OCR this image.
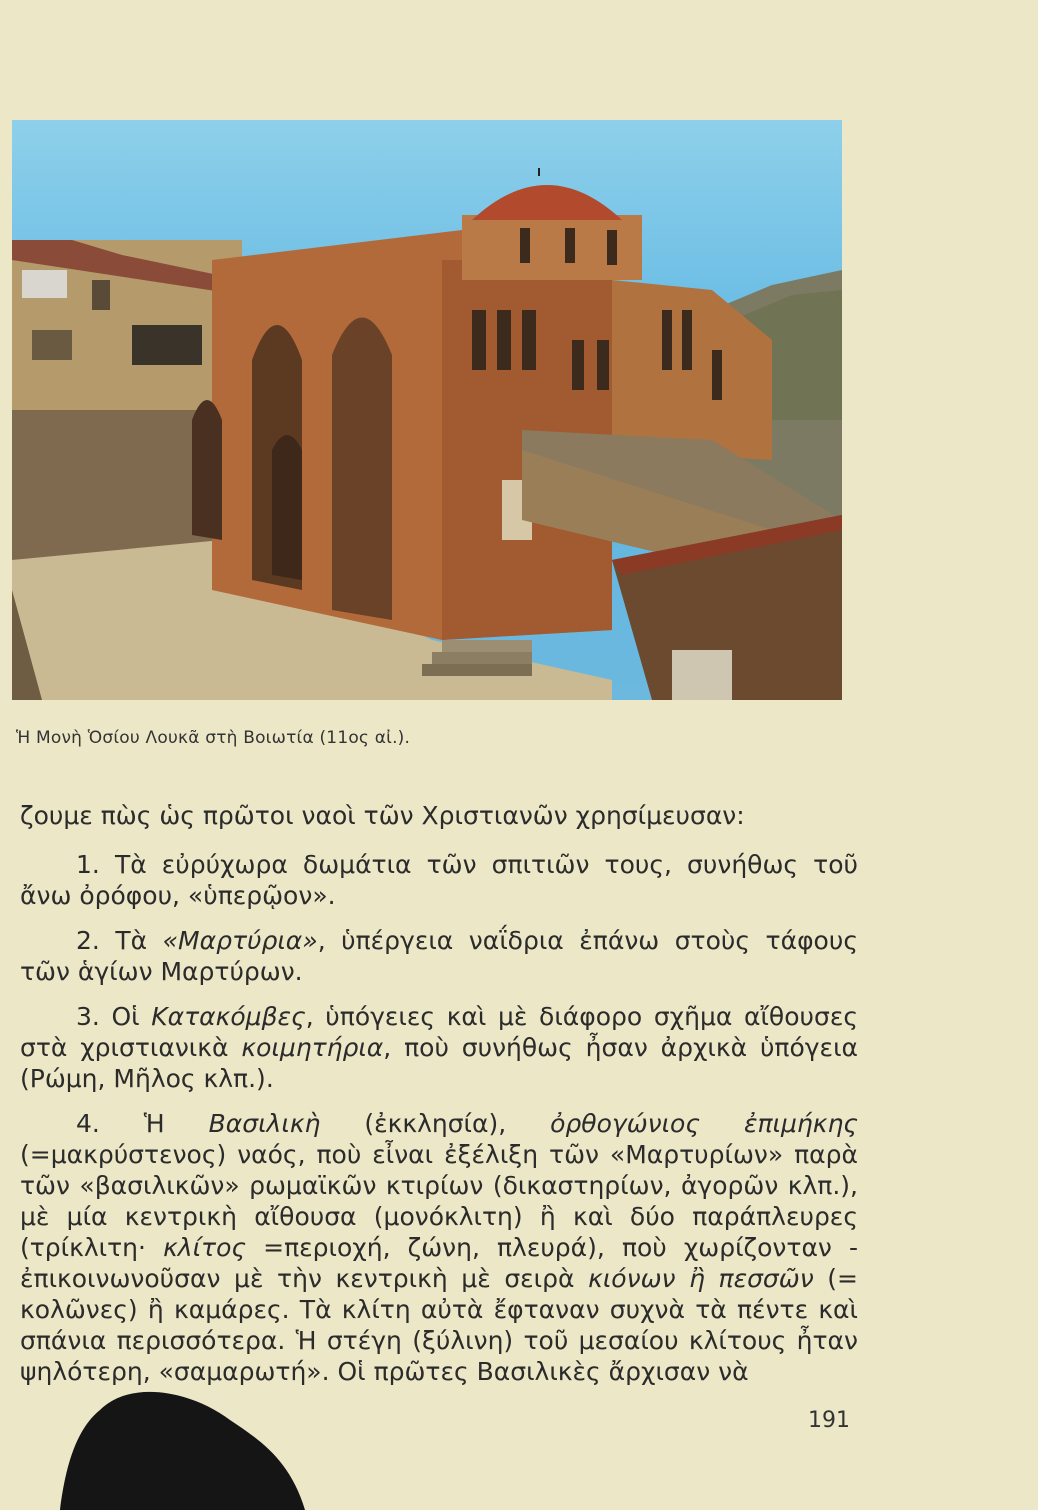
Ἡ Μονὴ Ὁσίου Λουκᾶ στὴ Βοιωτία (11ος αἰ.).

ζουμε πὼς ὡς πρῶτοι ναοὶ τῶν Χριστιανῶν χρησίμευσαν:

1. Τὰ εὐρύχωρα δωμάτια τῶν σπιτιῶν τους, συνήθως τοῦ ἄνω ὀρόφου, «ὑπερῷον».

2. Τὰ «Μαρτύρια», ὑπέργεια ναΐδρια ἐπάνω στοὺς τάφους τῶν ἁγίων Μαρτύρων.

3. Οἱ Κατακόμβες, ὑπόγειες καὶ μὲ διάφορο σχῆμα αἴθουσες στὰ χριστιανικὰ κοιμητήρια, ποὺ συνήθως ἦσαν ἀρχικὰ ὑπόγεια (Ρώμη, Μῆλος κλπ.).

4. Ἡ Βασιλικὴ (ἐκκλησία), ὀρθογώνιος ἐπιμήκης (=μακρύστενος) ναός, ποὺ εἶναι ἐξέλιξη τῶν «Μαρτυρίων» παρὰ τῶν «βασιλικῶν» ρωμαϊκῶν κτιρίων (δικαστηρίων, ἀγορῶν κλπ.), μὲ μία κεντρικὴ αἴθουσα (μονόκλιτη) ἢ καὶ δύο παράπλευρες (τρίκλιτη· κλίτος =περιοχή, ζώνη, πλευρά), ποὺ χωρίζονταν - ἐπικοινωνοῦσαν μὲ τὴν κεντρικὴ μὲ σειρὰ κιόνων ἢ πεσσῶν (= κολῶνες) ἢ καμάρες. Τὰ κλίτη αὐτὰ ἔφταναν συχνὰ τὰ πέντε καὶ σπάνια περισσότερα. Ἡ στέγη (ξύλινη) τοῦ μεσαίου κλίτους ἦταν ψηλότερη, «σαμαρωτή». Οἱ πρῶτες Βασιλικὲς ἄρχισαν νὰ

191
